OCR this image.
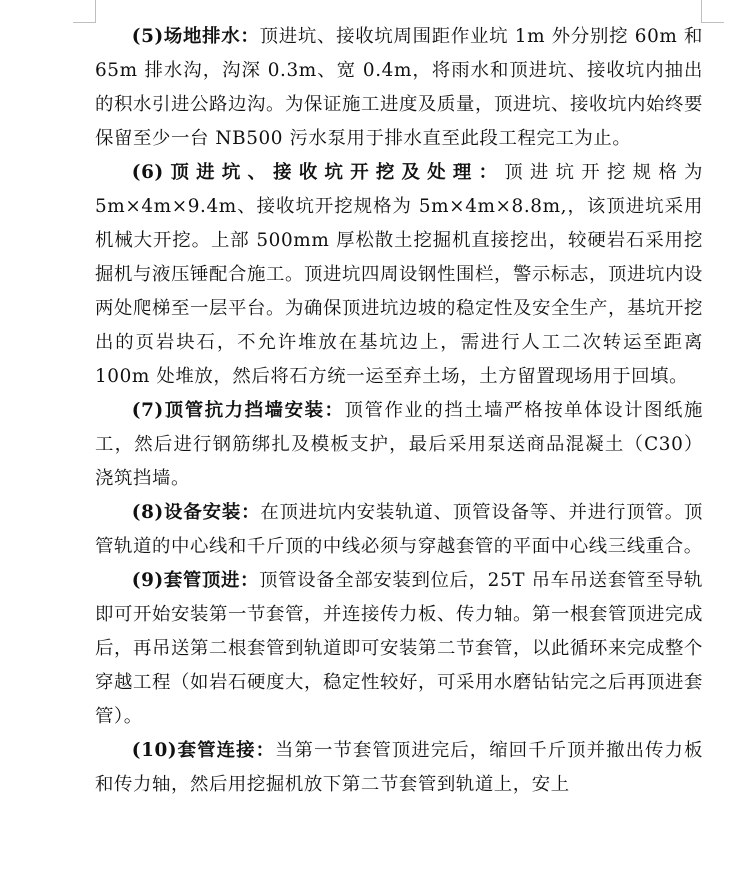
(5)场地排水：顶进坑、接收坑周围距作业坑 1m 外分别挖 60m 和 65m 排水沟，沟深 0.3m、宽 0.4m，将雨水和顶进坑、接收坑内抽出的积水引进公路边沟。为保证施工进度及质量，顶进坑、接收坑内始终要保留至少一台 NB500 污水泵用于排水直至此段工程完工为止。

(6)顶进坑、接收坑开挖及处理：顶进坑开挖规格为 5m×4m×9.4m、接收坑开挖规格为 5m×4m×8.8m,，该顶进坑采用机械大开挖。上部 500mm 厚松散土挖掘机直接挖出，较硬岩石采用挖掘机与液压锤配合施工。顶进坑四周设钢性围栏，警示标志，顶进坑内设两处爬梯至一层平台。为确保顶进坑边坡的稳定性及安全生产，基坑开挖出的页岩块石，不允许堆放在基坑边上，需进行人工二次转运至距离 100m 处堆放，然后将石方统一运至弃土场，土方留置现场用于回填。

(7)顶管抗力挡墙安装：顶管作业的挡土墙严格按单体设计图纸施工，然后进行钢筋绑扎及模板支护，最后采用泵送商品混凝土（C30）浇筑挡墙。

(8)设备安装：在顶进坑内安装轨道、顶管设备等、并进行顶管。顶管轨道的中心线和千斤顶的中线必须与穿越套管的平面中心线三线重合。

(9)套管顶进：顶管设备全部安装到位后，25T 吊车吊送套管至导轨即可开始安装第一节套管，并连接传力板、传力轴。第一根套管顶进完成后，再吊送第二根套管到轨道即可安装第二节套管，以此循环来完成整个穿越工程（如岩石硬度大，稳定性较好，可采用水磨钻钻完之后再顶进套管）。

(10)套管连接：当第一节套管顶进完后，缩回千斤顶并撤出传力板和传力轴，然后用挖掘机放下第二节套管到轨道上，安上
